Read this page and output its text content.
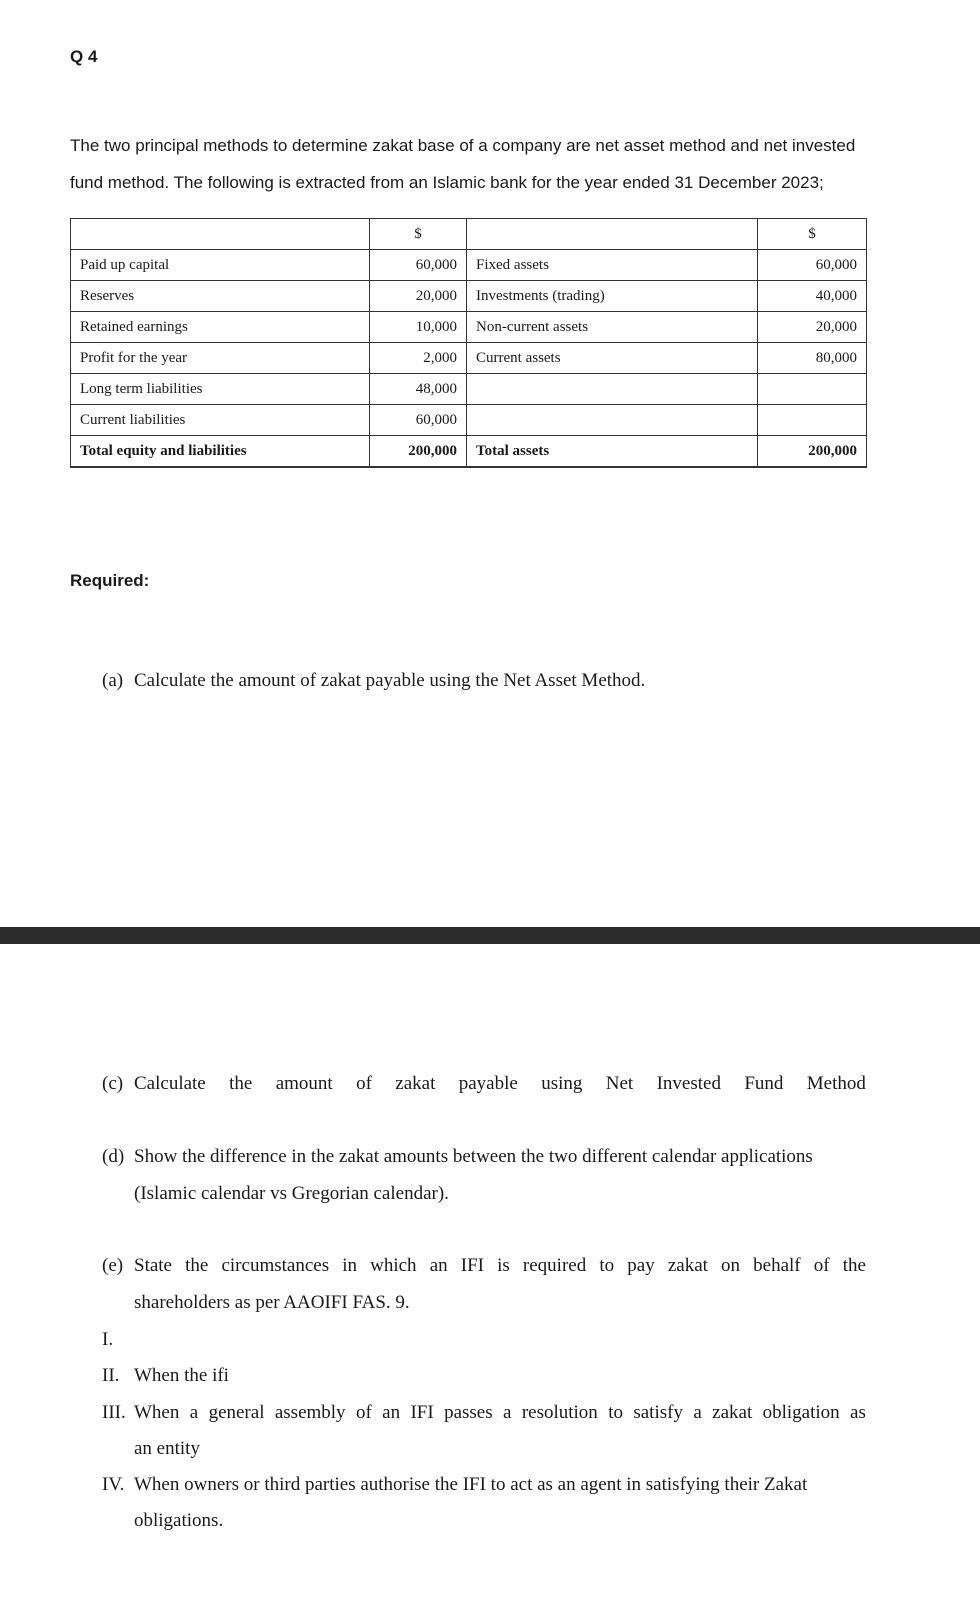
Q 4
The two principal methods to determine zakat base of a company are net asset method and net invested
fund method. The following is extracted from an Islamic bank for the year ended 31 December 2023;
	$		$
Paid up capital	60,000	Fixed assets	60,000
Reserves	20,000	Investments (trading)	40,000
Retained earnings	10,000	Non-current assets	20,000
Profit for the year	2,000	Current assets	80,000
Long term liabilities	48,000		
Current liabilities	60,000		
Total equity and liabilities	200,000	Total assets	200,000
Required:
(a) Calculate the amount of zakat payable using the Net Asset Method.
(c) Calculate the amount of zakat payable using Net Invested Fund Method
(d) Show the difference in the zakat amounts between the two different calendar applications
(Islamic calendar vs Gregorian calendar).
(e) State the circumstances in which an IFI is required to pay zakat on behalf of the
shareholders as per AAOIFI FAS. 9.
I.
II. When the ifi
III. When a general assembly of an IFI passes a resolution to satisfy a zakat obligation as
an entity
IV. When owners or third parties authorise the IFI to act as an agent in satisfying their Zakat
obligations.
